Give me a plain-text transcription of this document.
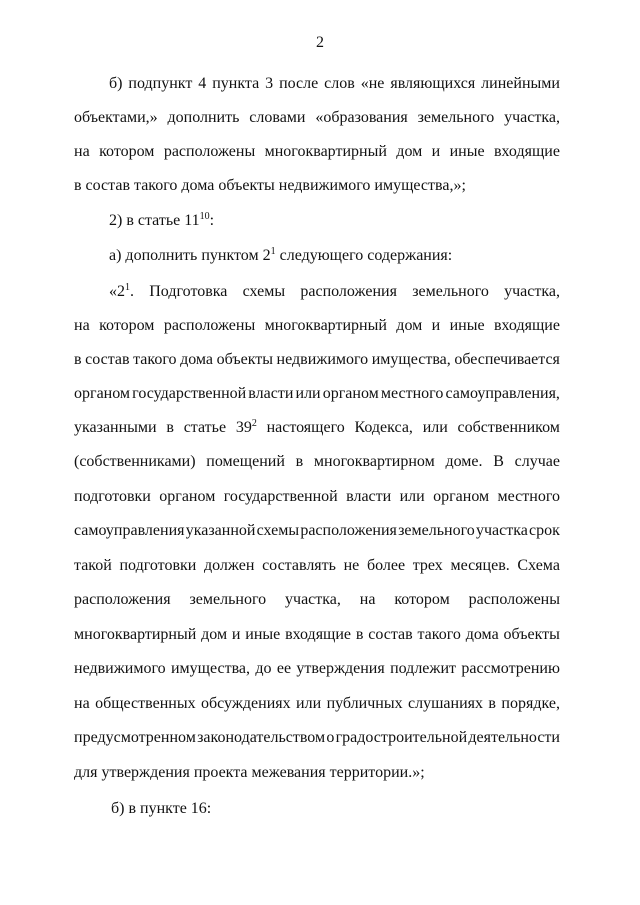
2
б) подпункт 4 пункта 3 после слов «не являющихся линейными
объектами,» дополнить словами «образования земельного участка,
на котором расположены многоквартирный дом и иные входящие
в состав такого дома объекты недвижимого имущества,»;
2) в статье $11^{10}$:
а) дополнить пунктом $2^1$ следующего содержания:
«$2^1$. Подготовка схемы расположения земельного участка,
на котором расположены многоквартирный дом и иные входящие
в состав такого дома объекты недвижимого имущества, обеспечивается
органом государственной власти или органом местного самоуправления,
указанными в статье $39^2$ настоящего Кодекса, или собственником
(собственниками) помещений в многоквартирном доме. В случае
подготовки органом государственной власти или органом местного
самоуправления указанной схемы расположения земельного участка срок
такой подготовки должен составлять не более трех месяцев. Схема
расположения земельного участка, на котором расположены
многоквартирный дом и иные входящие в состав такого дома объекты
недвижимого имущества, до ее утверждения подлежит рассмотрению
на общественных обсуждениях или публичных слушаниях в порядке,
предусмотренном законодательством о градостроительной деятельности
для утверждения проекта межевания территории.»;
б) в пункте 16:
